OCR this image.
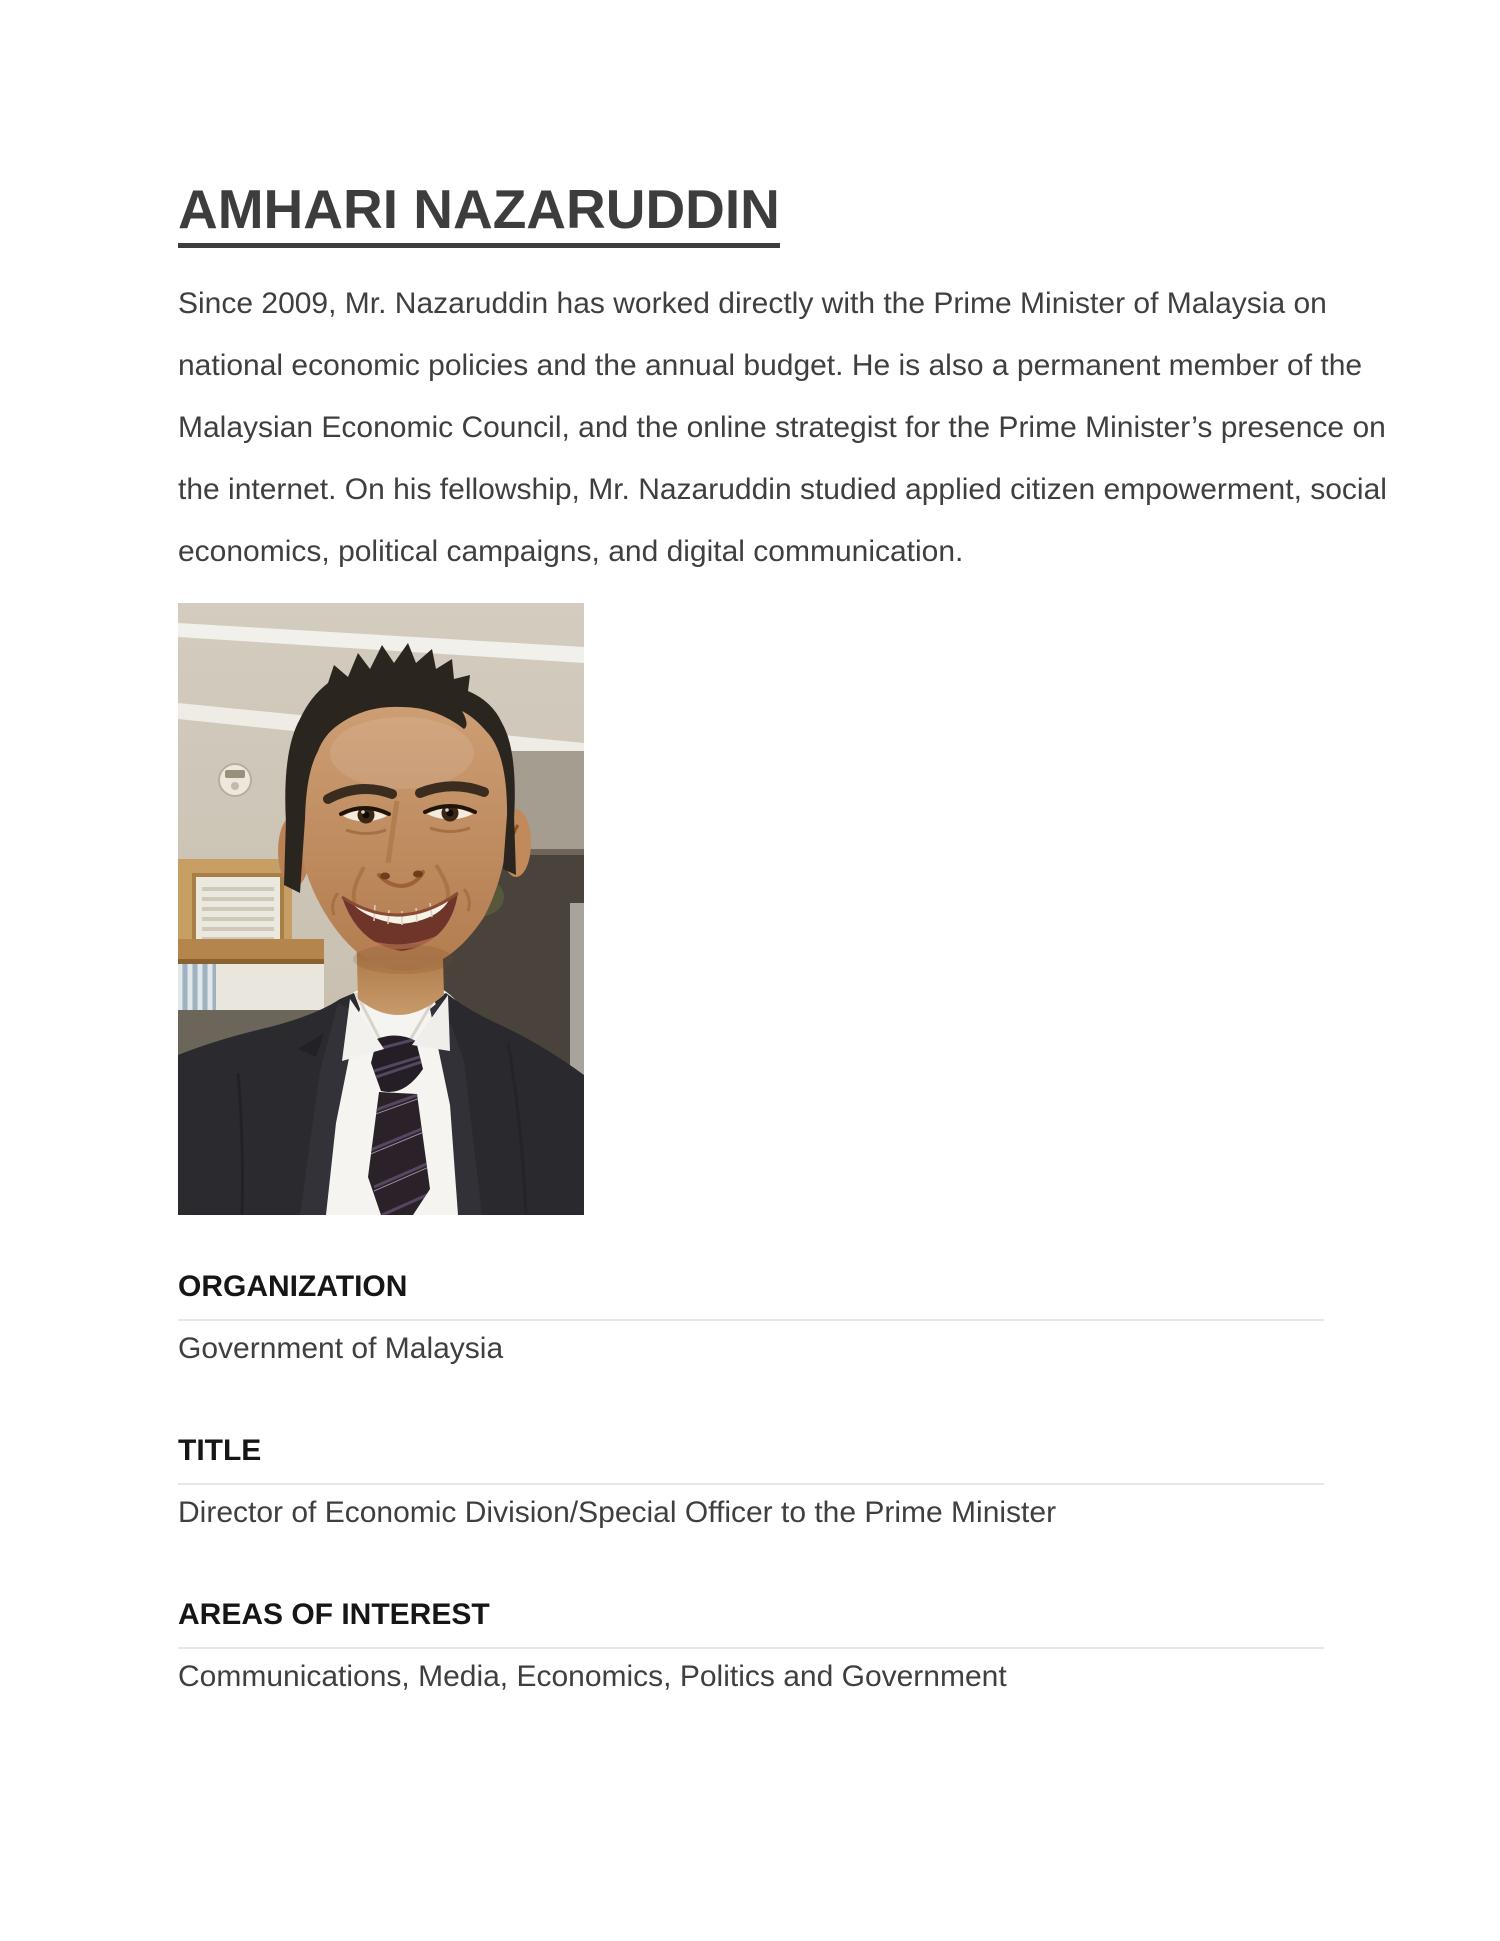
AMHARI NAZARUDDIN
Since 2009, Mr. Nazaruddin has worked directly with the Prime Minister of Malaysia on
national economic policies and the annual budget. He is also a permanent member of the
Malaysian Economic Council, and the online strategist for the Prime Minister’s presence on
the internet. On his fellowship, Mr. Nazaruddin studied applied citizen empowerment, social
economics, political campaigns, and digital communication.
ORGANIZATION
Government of Malaysia
TITLE
Director of Economic Division/Special Officer to the Prime Minister
AREAS OF INTEREST
Communications, Media, Economics, Politics and Government
